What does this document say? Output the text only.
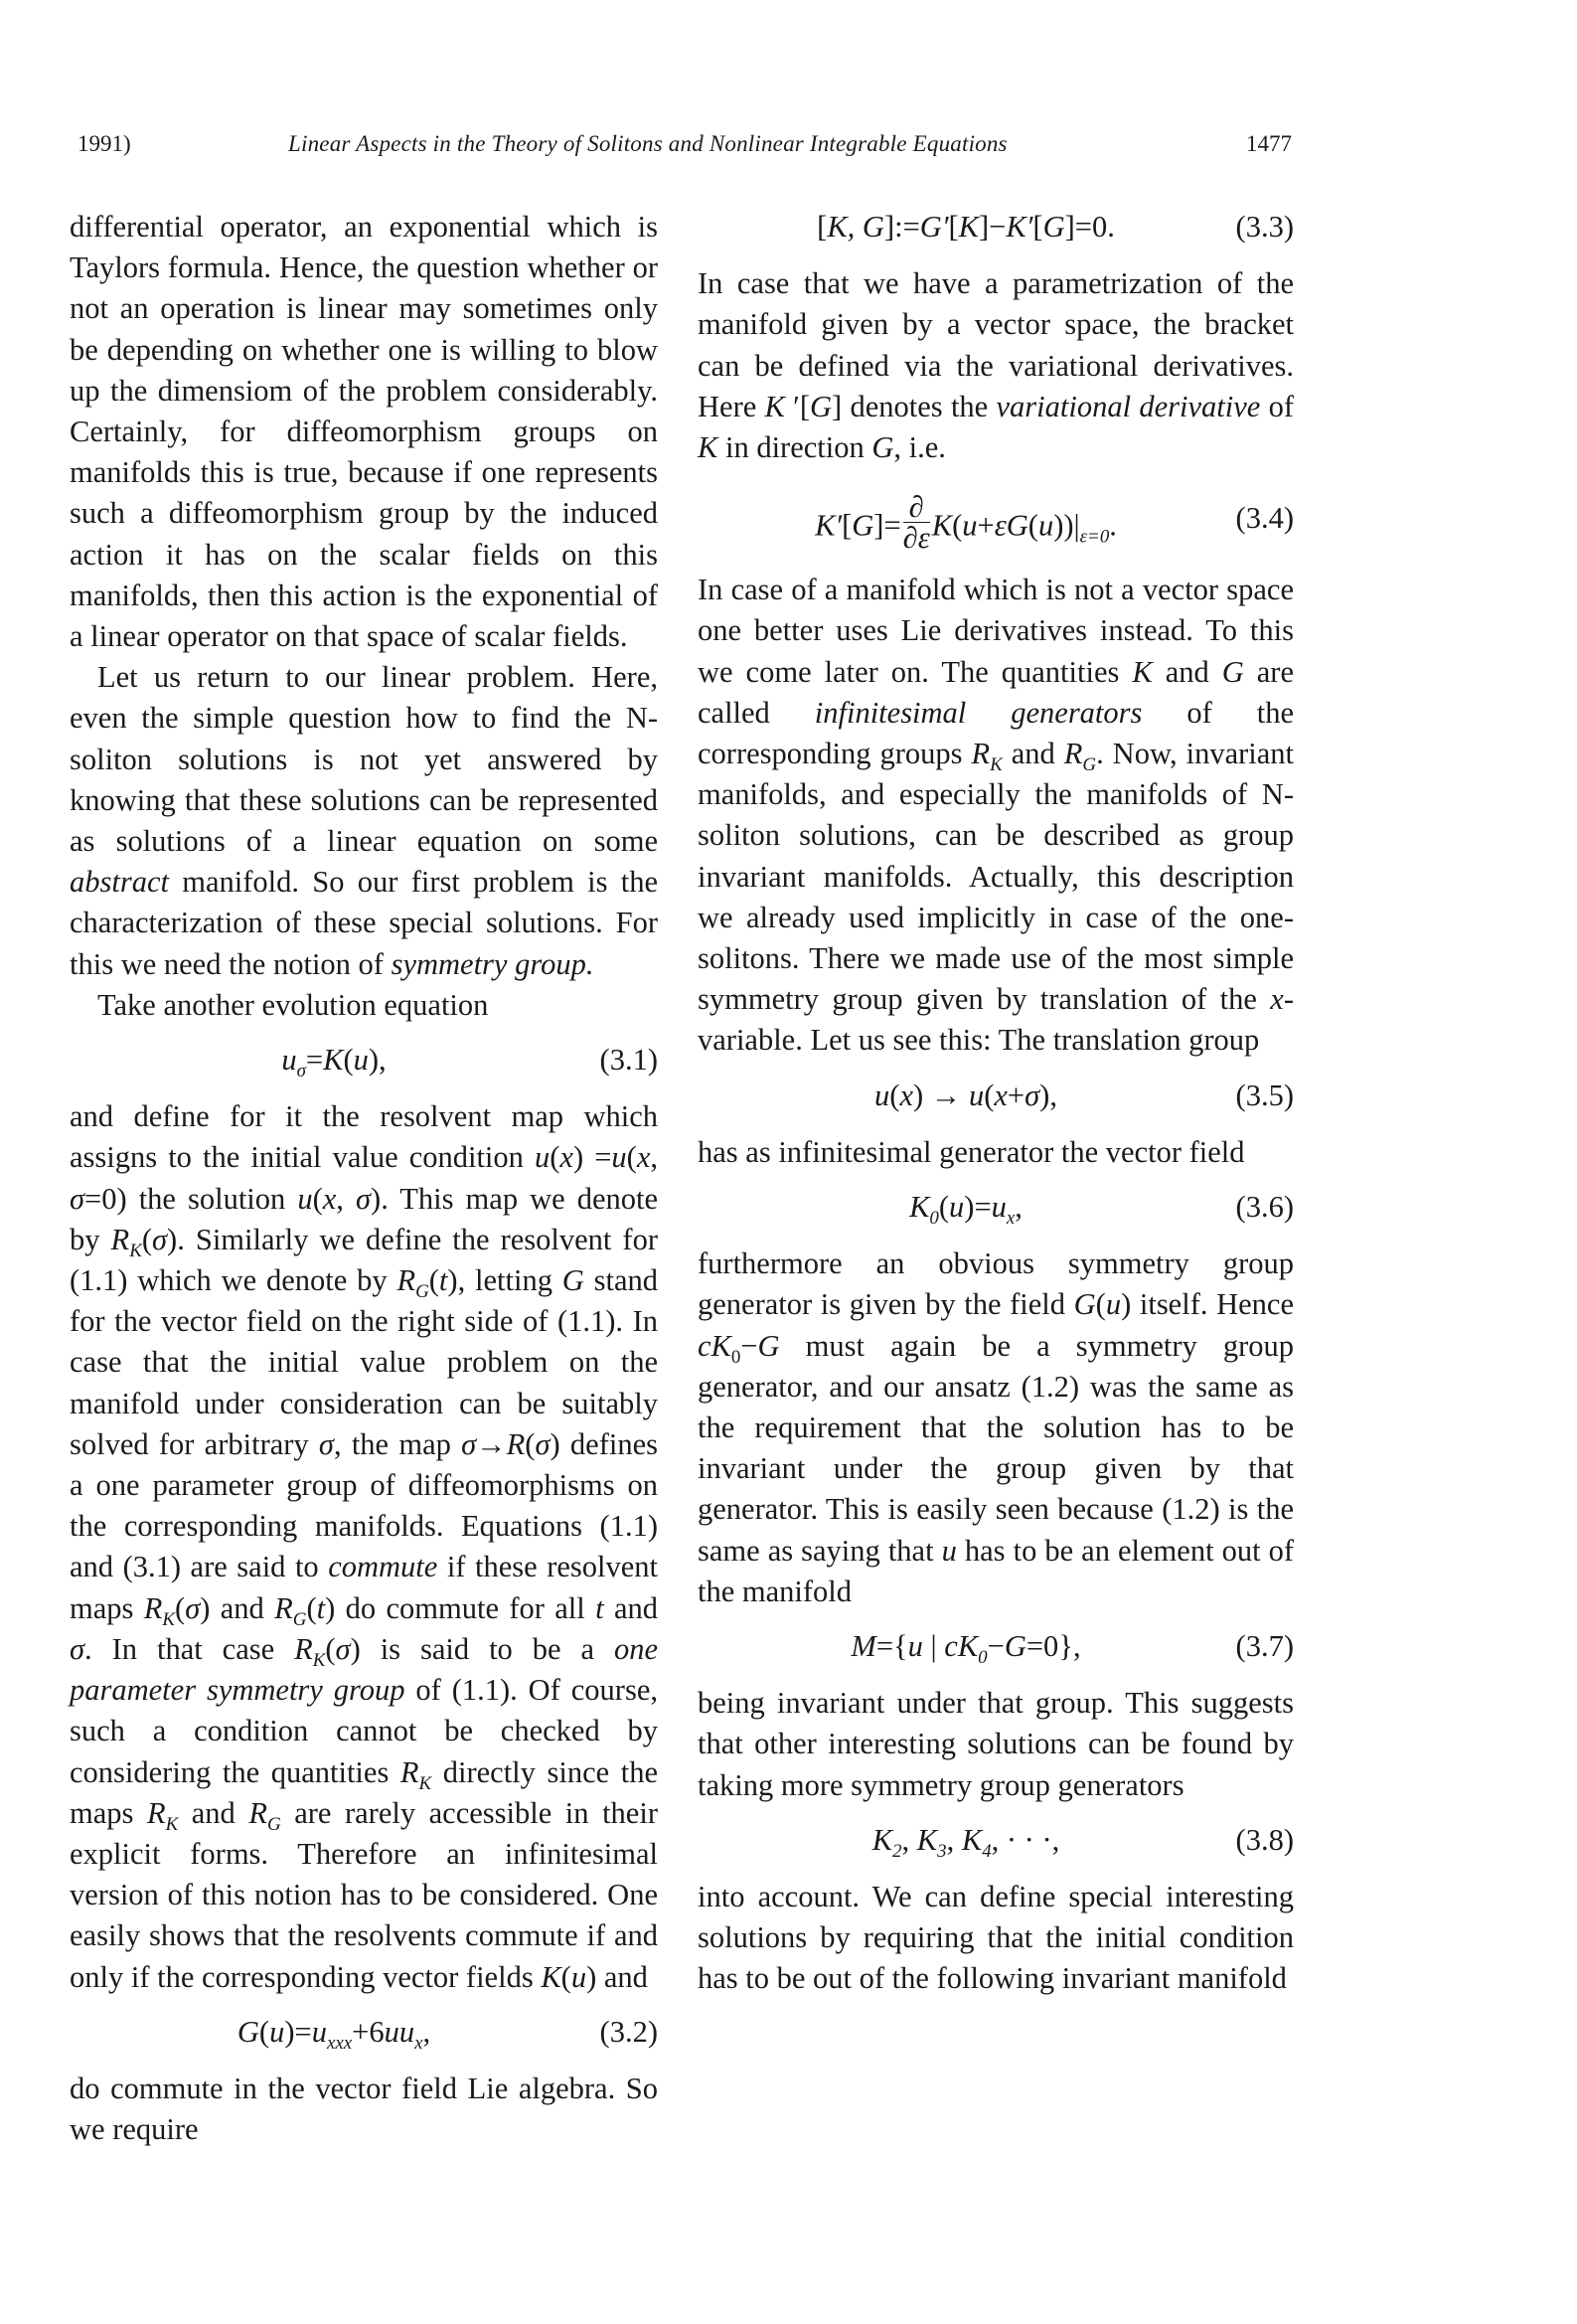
1991)	Linear Aspects in the Theory of Solitons and Nonlinear Integrable Equations	1477

differential operator, an exponential which is Taylors formula. Hence, the question whether or not an operation is linear may sometimes only be depending on whether one is willing to blow up the dimensiom of the problem considerably. Certainly, for diffeomorphism groups on manifolds this is true, because if one represents such a diffeomorphism group by the induced action it has on the scalar fields on this manifolds, then this action is the exponential of a linear operator on that space of scalar fields.

Let us return to our linear problem. Here, even the simple question how to find the N-soliton solutions is not yet answered by knowing that these solutions can be represented as solutions of a linear equation on some abstract manifold. So our first problem is the characterization of these special solutions. For this we need the notion of symmetry group.

Take another evolution equation

$u_\sigma=K(u)$,	(3.1)

and define for it the resolvent map which assigns to the initial value condition u(x) =u(x, σ=0) the solution u(x, σ). This map we denote by $R_K(\sigma)$. Similarly we define the resolvent for (1.1) which we denote by $R_G(t)$, letting G stand for the vector field on the right side of (1.1). In case that the initial value problem on the manifold under consideration can be suitably solved for arbitrary σ, the map σ→R(σ) defines a one parameter group of diffeomorphisms on the corresponding manifolds. Equations (1.1) and (3.1) are said to commute if these resolvent maps $R_K(\sigma)$ and $R_G(t)$ do commute for all t and σ. In that case $R_K(\sigma)$ is said to be a one parameter symmetry group of (1.1). Of course, such a condition cannot be checked by considering the quantities $R_K$ directly since the maps $R_K$ and $R_G$ are rarely accessible in their explicit forms. Therefore an infinitesimal version of this notion has to be considered. One easily shows that the resolvents commute if and only if the corresponding vector fields K(u) and

$G(u)=u_{xxx}+6uu_x$,	(3.2)

do commute in the vector field Lie algebra. So we require

[K, G]:=G′[K]−K′[G]=0.	(3.3)

In case that we have a parametrization of the manifold given by a vector space, the bracket can be defined via the variational derivatives. Here K ′[G] denotes the variational derivative of K in direction G, i.e.

$K'[G]= \frac{\partial}{\partial\varepsilon} K(u+\varepsilon G(u))|_{\varepsilon=0}$.	(3.4)

In case of a manifold which is not a vector space one better uses Lie derivatives instead. To this we come later on. The quantities K and G are called infinitesimal generators of the corresponding groups $R_K$ and $R_G$. Now, invariant manifolds, and especially the manifolds of N-soliton solutions, can be described as group invariant manifolds. Actually, this description we already used implicitly in case of the one-solitons. There we made use of the most simple symmetry group given by translation of the x-variable. Let us see this: The translation group

u(x) → u(x+σ),	(3.5)

has as infinitesimal generator the vector field

$K_0(u)=u_x$,	(3.6)

furthermore an obvious symmetry group generator is given by the field G(u) itself. Hence $cK_0-G$ must again be a symmetry group generator, and our ansatz (1.2) was the same as the requirement that the solution has to be invariant under the group given by that generator. This is easily seen because (1.2) is the same as saying that u has to be an element out of the manifold

M={u | $cK_0-G=0$},	(3.7)

being invariant under that group. This suggests that other interesting solutions can be found by taking more symmetry group generators

$K_2$, $K_3$, $K_4$, · · ·,	(3.8)

into account. We can define special interesting solutions by requiring that the initial condition has to be out of the following invariant manifold
